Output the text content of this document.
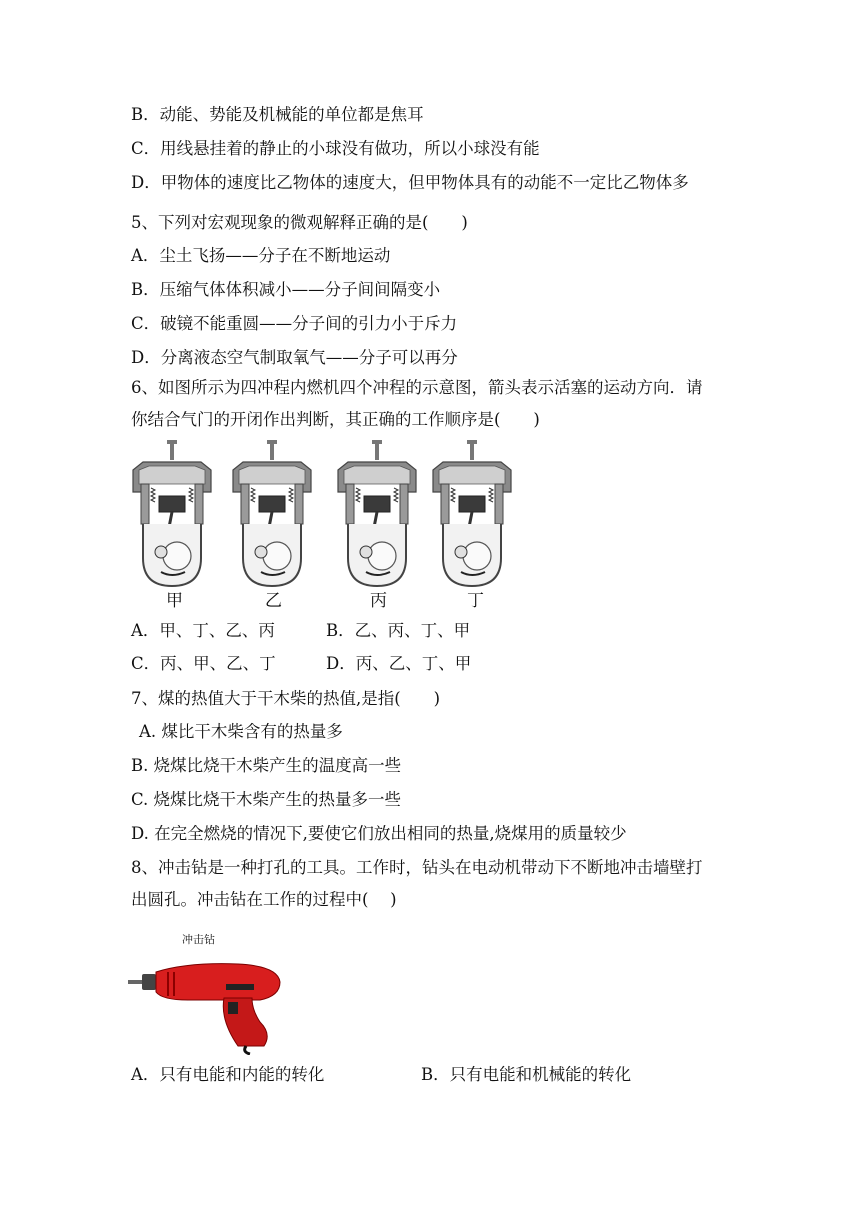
B．动能、势能及机械能的单位都是焦耳
C．用线悬挂着的静止的小球没有做功，所以小球没有能
D．甲物体的速度比乙物体的速度大，但甲物体具有的动能不一定比乙物体多
5、下列对宏观现象的微观解释正确的是(　　)
A．尘土飞扬——分子在不断地运动
B．压缩气体体积减小——分子间间隔变小
C．破镜不能重圆——分子间的引力小于斥力
D．分离液态空气制取氧气——分子可以再分
6、如图所示为四冲程内燃机四个冲程的示意图，箭头表示活塞的运动方向．请
你结合气门的开闭作出判断，其正确的工作顺序是(　　)
甲	乙	丙	丁
A．甲、丁、乙、丙	B．乙、丙、丁、甲
C．丙、甲、乙、丁	D．丙、乙、丁、甲
7、煤的热值大于干木柴的热值,是指(　　)
A. 煤比干木柴含有的热量多
B. 烧煤比烧干木柴产生的温度高一些
C. 烧煤比烧干木柴产生的热量多一些
D. 在完全燃烧的情况下,要使它们放出相同的热量,烧煤用的质量较少
8、冲击钻是一种打孔的工具。工作时，钻头在电动机带动下不断地冲击墙壁打
出圆孔。冲击钻在工作的过程中(　 )
冲击钻
A．只有电能和内能的转化	B．只有电能和机械能的转化
